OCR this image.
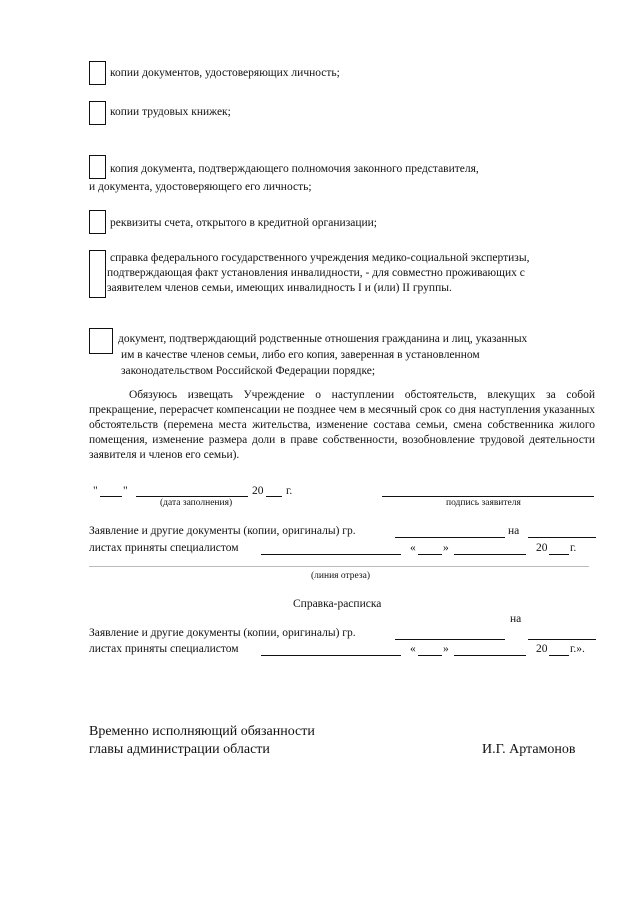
копии документов, удостоверяющих личность;
копии трудовых книжек;
копия документа, подтверждающего полномочия законного представителя,
и документа, удостоверяющего его личность;
реквизиты счета, открытого в кредитной организации;
справка федерального государственного учреждения медико-социальной экспертизы,
подтверждающая факт установления инвалидности, - для совместно проживающих с
заявителем членов семьи, имеющих инвалидность I и (или) II группы.
документ, подтверждающий родственные отношения гражданина и лиц, указанных
им в качестве членов семьи, либо его копия, заверенная в установленном
законодательством Российской Федерации порядке;
Обязуюсь извещать Учреждение о наступлении обстоятельств, влекущих за собой прекращение, перерасчет компенсации не позднее чем в месячный срок со дня наступления указанных обстоятельств (перемена места жительства, изменение состава семьи, смена собственника жилого помещения, изменение размера доли в праве собственности, возобновление трудовой деятельности заявителя и членов его семьи).
" "	20 г.
(дата заполнения)	подпись заявителя
Заявление и другие документы (копии, оригиналы) гр.	на
листах приняты специалистом	« »	20 г.
(линия отреза)
Справка-расписка
на
Заявление и другие документы (копии, оригиналы) гр.
листах приняты специалистом	« »	20 г.».
Временно исполняющий обязанности
главы администрации области	И.Г. Артамонов
